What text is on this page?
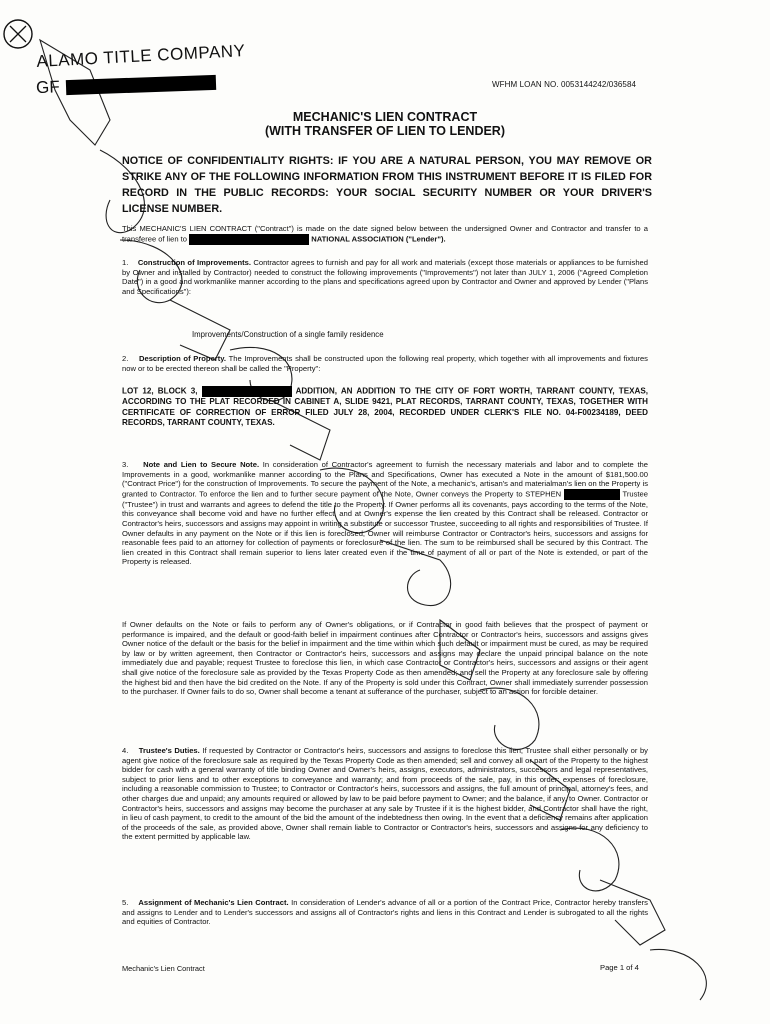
ALAMO TITLE COMPANY
GF	WFHM LOAN NO. 0053144242/036584
MECHANIC'S LIEN CONTRACT
(WITH TRANSFER OF LIEN TO LENDER)
NOTICE OF CONFIDENTIALITY RIGHTS: IF YOU ARE A NATURAL PERSON, YOU MAY REMOVE OR STRIKE ANY OF THE FOLLOWING INFORMATION FROM THIS INSTRUMENT BEFORE IT IS FILED FOR RECORD IN THE PUBLIC RECORDS: YOUR SOCIAL SECURITY NUMBER OR YOUR DRIVER'S LICENSE NUMBER.
This MECHANIC'S LIEN CONTRACT ("Contract") is made on the date signed below between the undersigned Owner and Contractor and transfer to a transferee of lien to	NATIONAL ASSOCIATION ("Lender").
1. Construction of Improvements. Contractor agrees to furnish and pay for all work and materials (except those materials or appliances to be furnished by Owner and installed by Contractor) needed to construct the following improvements ("Improvements") not later than JULY 1, 2006 ("Agreed Completion Date") in a good and workmanlike manner according to the plans and specifications agreed upon by Contractor and Owner and approved by Lender ("Plans and Specifications"):
Improvements/Construction of a single family residence
2. Description of Property. The Improvements shall be constructed upon the following real property, which together with all improvements and fixtures now or to be erected thereon shall be called the "Property":
LOT 12, BLOCK 3,	ADDITION, AN ADDITION TO THE CITY OF FORT WORTH, TARRANT COUNTY, TEXAS, ACCORDING TO THE PLAT RECORDED IN CABINET A, SLIDE 9421, PLAT RECORDS, TARRANT COUNTY, TEXAS, TOGETHER WITH CERTIFICATE OF CORRECTION OF ERROR FILED JULY 28, 2004, RECORDED UNDER CLERK'S FILE NO. 04-F00234189, DEED RECORDS, TARRANT COUNTY, TEXAS.
3. Note and Lien to Secure Note. In consideration of Contractor's agreement to furnish the necessary materials and labor and to complete the Improvements in a good, workmanlike manner according to the Plans and Specifications, Owner has executed a Note in the amount of $181,500.00 ("Contract Price") for the construction of Improvements. To secure the payment of the Note, a mechanic's, artisan's and materialman's lien on the Property is granted to Contractor. To enforce the lien and to further secure payment of the Note, Owner conveys the Property to STEPHEN	Trustee ("Trustee") in trust and warrants and agrees to defend the title to the Property. If Owner performs all its covenants, pays according to the terms of the Note, this conveyance shall become void and have no further effect, and at Owner's expense the lien created by this Contract shall be released. Contractor or Contractor's heirs, successors and assigns may appoint in writing a substitute or successor Trustee, succeeding to all rights and responsibilities of Trustee. If Owner defaults in any payment on the Note or if this lien is foreclosed, Owner will reimburse Contractor or Contractor's heirs, successors and assigns for reasonable fees paid to an attorney for collection of payments or foreclosure of the lien. The sum to be reimbursed shall be secured by this Contract. The lien created in this Contract shall remain superior to liens later created even if the time of payment of all or part of the Note is extended, or part of the Property is released.
If Owner defaults on the Note or fails to perform any of Owner's obligations, or if Contractor in good faith believes that the prospect of payment or performance is impaired, and the default or good-faith belief in impairment continues after Contractor or Contractor's heirs, successors and assigns gives Owner notice of the default or the basis for the belief in impairment and the time within which such default or impairment must be cured, as may be required by law or by written agreement, then Contractor or Contractor's heirs, successors and assigns may declare the unpaid principal balance on the note immediately due and payable; request Trustee to foreclose this lien, in which case Contractor or Contractor's heirs, successors and assigns or their agent shall give notice of the foreclosure sale as provided by the Texas Property Code as then amended; and sell the Property at any foreclosure sale by offering the highest bid and then have the bid credited on the Note. If any of the Property is sold under this Contract, Owner shall immediately surrender possession to the purchaser. If Owner fails to do so, Owner shall become a tenant at sufferance of the purchaser, subject to an action for forcible detainer.
4. Trustee's Duties. If requested by Contractor or Contractor's heirs, successors and assigns to foreclose this lien, Trustee shall either personally or by agent give notice of the foreclosure sale as required by the Texas Property Code as then amended; sell and convey all or part of the Property to the highest bidder for cash with a general warranty of title binding Owner and Owner's heirs, assigns, executors, administrators, successors and legal representatives, subject to prior liens and to other exceptions to conveyance and warranty; and from proceeds of the sale, pay, in this order: expenses of foreclosure, including a reasonable commission to Trustee; to Contractor or Contractor's heirs, successors and assigns, the full amount of principal, attorney's fees, and other charges due and unpaid; any amounts required or allowed by law to be paid before payment to Owner; and the balance, if any, to Owner. Contractor or Contractor's heirs, successors and assigns may become the purchaser at any sale by Trustee if it is the highest bidder, and Contractor shall have the right, in lieu of cash payment, to credit to the amount of the bid the amount of the indebtedness then owing. In the event that a deficiency remains after application of the proceeds of the sale, as provided above, Owner shall remain liable to Contractor or Contractor's heirs, successors and assigns for any deficiency to the extent permitted by applicable law.
5. Assignment of Mechanic's Lien Contract. In consideration of Lender's advance of all or a portion of the Contract Price, Contractor hereby transfers and assigns to Lender and to Lender's successors and assigns all of Contractor's rights and liens in this Contract and Lender is subrogated to all the rights and equities of Contractor.
Mechanic's Lien Contract	Page 1 of 4
